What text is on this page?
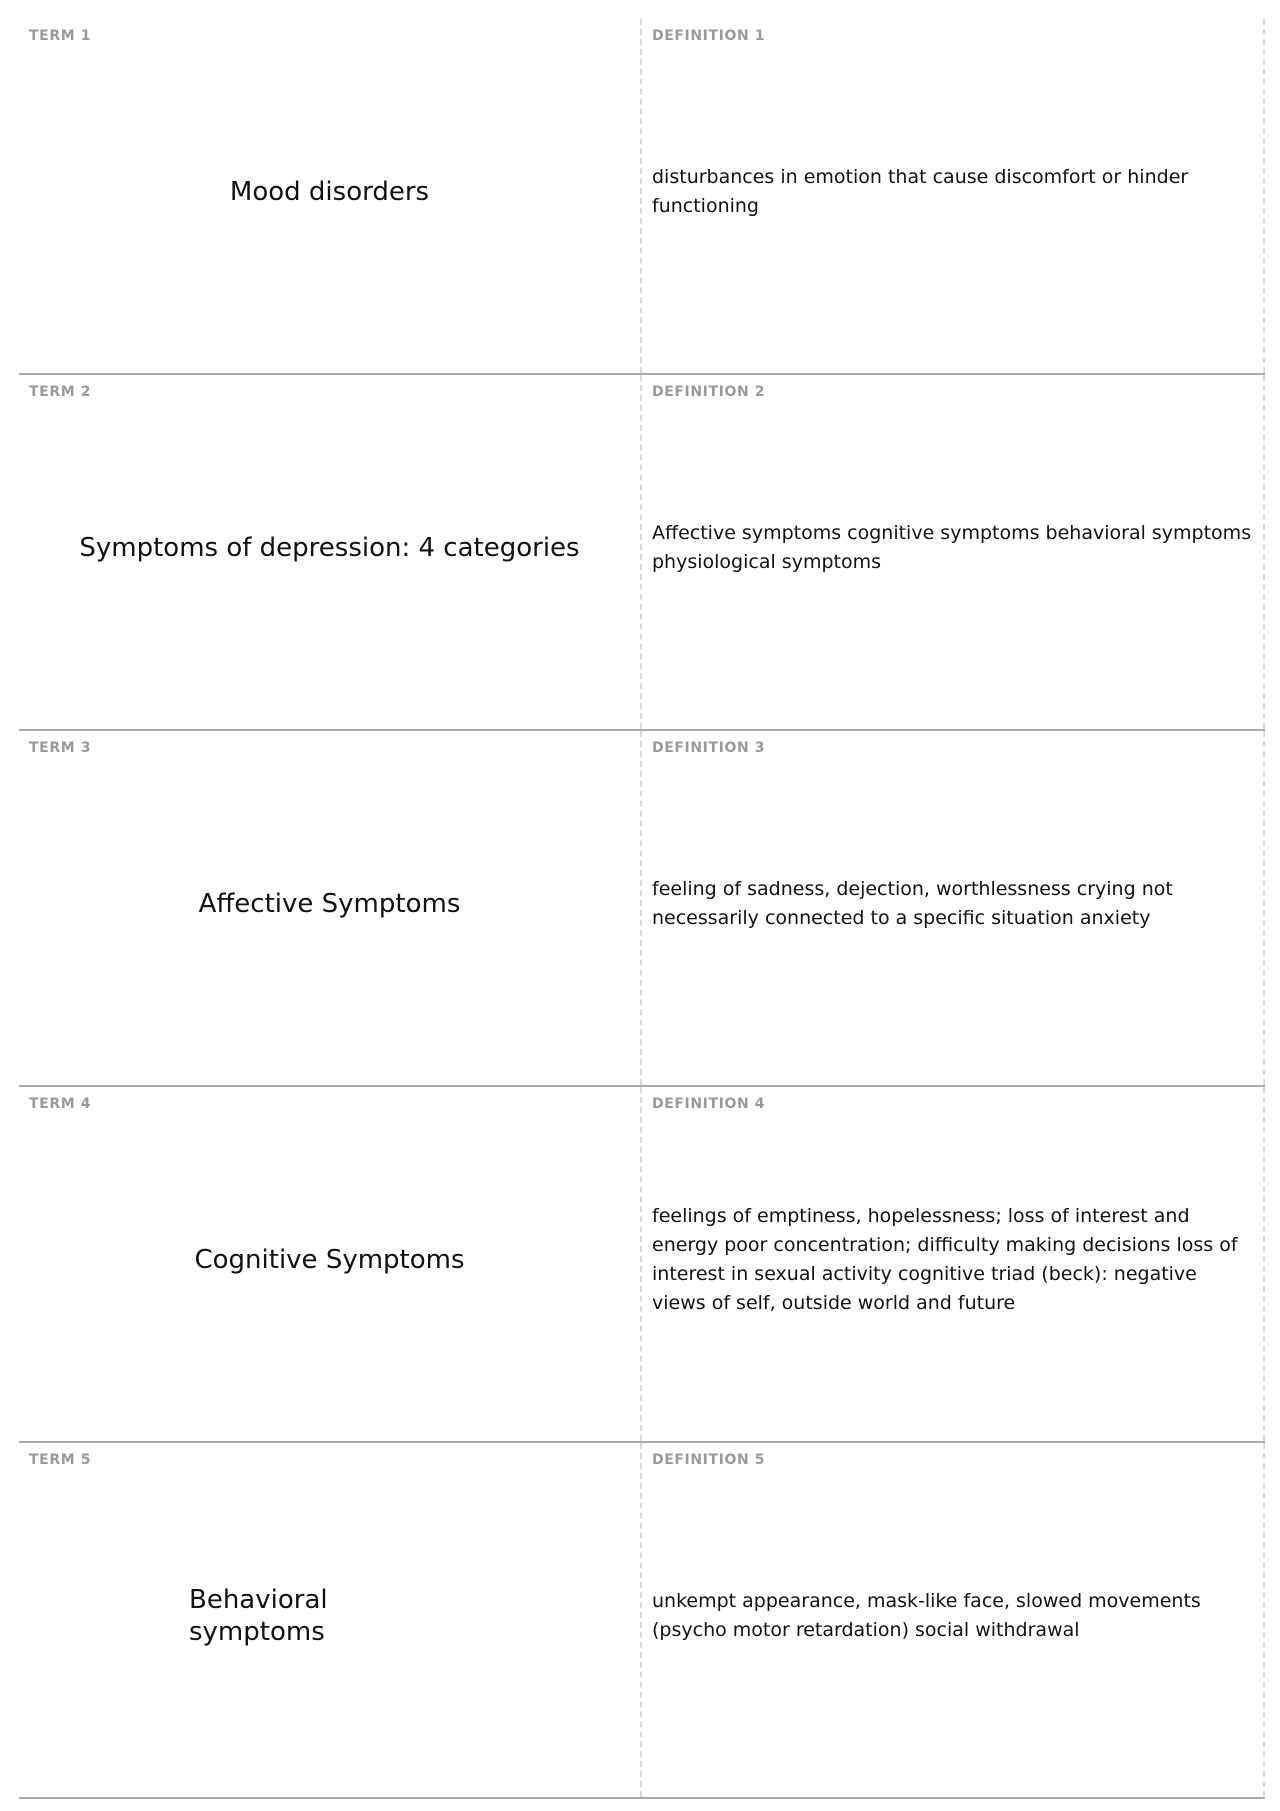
TERM 1
Mood disorders
DEFINITION 1
disturbances in emotion that cause discomfort or hinder functioning
TERM 2
Symptoms of depression: 4 categories
DEFINITION 2
Affective symptoms cognitive symptoms behavioral symptoms physiological symptoms
TERM 3
Affective Symptoms
DEFINITION 3
feeling of sadness, dejection, worthlessness crying not necessarily connected to a specific situation anxiety
TERM 4
Cognitive Symptoms
DEFINITION 4
feelings of emptiness, hopelessness; loss of interest and energy poor concentration; difficulty making decisions loss of interest in sexual activity cognitive triad (beck): negative views of self, outside world and future
TERM 5
Behavioral symptoms
DEFINITION 5
unkempt appearance, mask-like face, slowed movements (psycho motor retardation) social withdrawal
